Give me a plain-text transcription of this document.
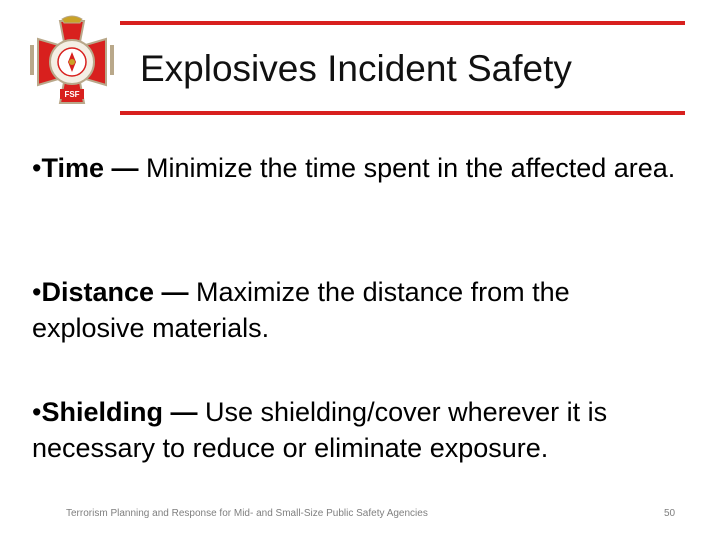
FSF
Explosives Incident Safety
•Time — Minimize the time spent in the affected area.
•Distance — Maximize the distance from the explosive materials.
•Shielding — Use shielding/cover wherever it is necessary to reduce or eliminate exposure.
Terrorism Planning and Response for Mid- and Small-Size Public Safety Agencies	50
